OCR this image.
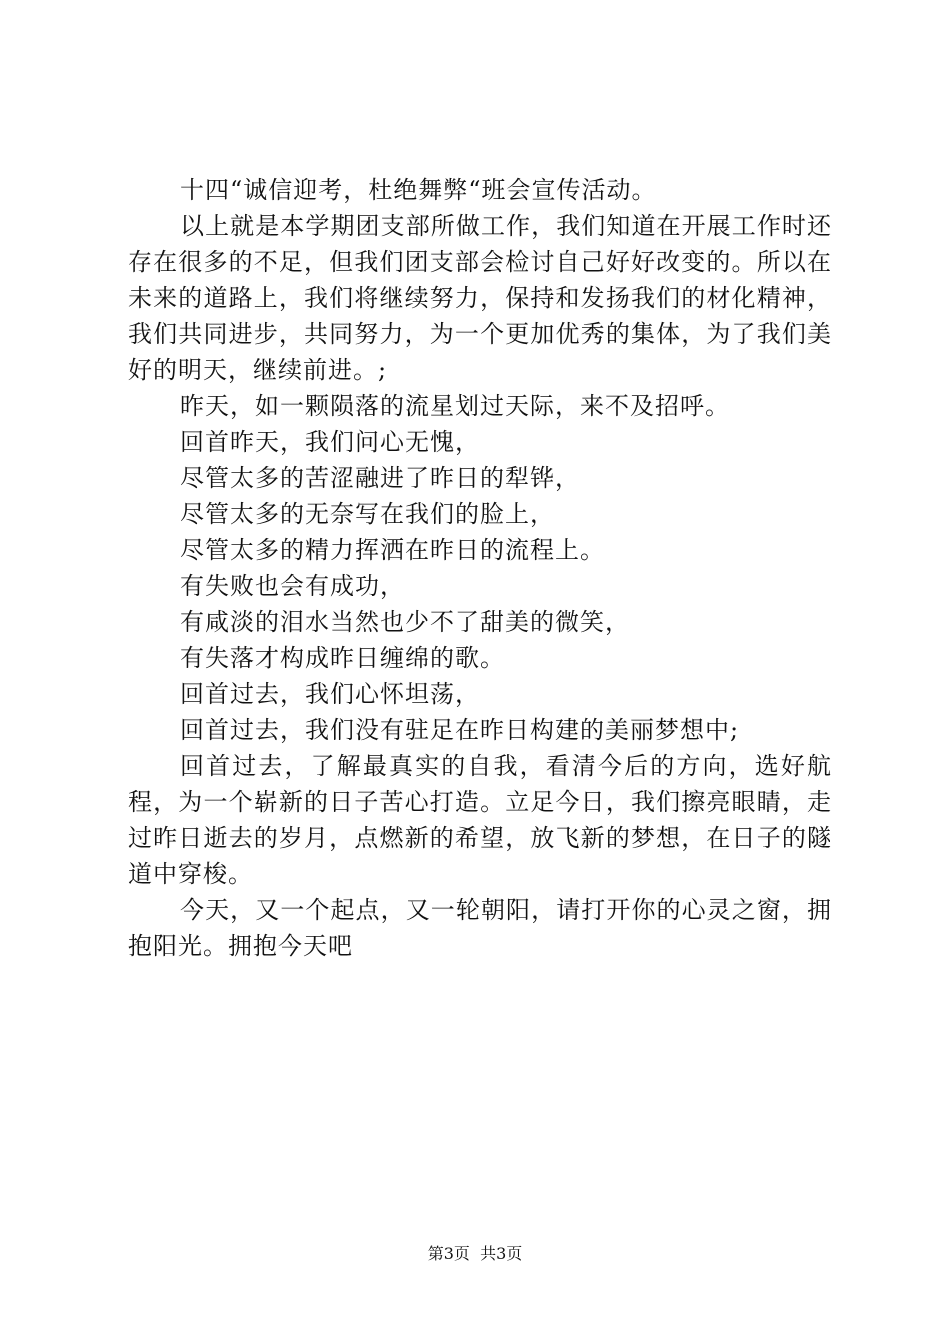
十四“诚信迎考，杜绝舞弊“班会宣传活动。

以上就是本学期团支部所做工作，我们知道在开展工作时还存在很多的不足，但我们团支部会检讨自己好好改变的。所以在未来的道路上，我们将继续努力，保持和发扬我们的材化精神，我们共同进步，共同努力，为一个更加优秀的集体，为了我们美好的明天，继续前进。;

昨天，如一颗陨落的流星划过天际，来不及招呼。

回首昨天，我们问心无愧，

尽管太多的苦涩融进了昨日的犁铧，

尽管太多的无奈写在我们的脸上，

尽管太多的精力挥洒在昨日的流程上。

有失败也会有成功，

有咸淡的泪水当然也少不了甜美的微笑，

有失落才构成昨日缠绵的歌。

回首过去，我们心怀坦荡，

回首过去，我们没有驻足在昨日构建的美丽梦想中;

回首过去，了解最真实的自我，看清今后的方向，选好航程，为一个崭新的日子苦心打造。立足今日，我们擦亮眼睛，走过昨日逝去的岁月，点燃新的希望，放飞新的梦想，在日子的隧道中穿梭。

今天，又一个起点，又一轮朝阳，请打开你的心灵之窗，拥抱阳光。拥抱今天吧

第3页  共3页
